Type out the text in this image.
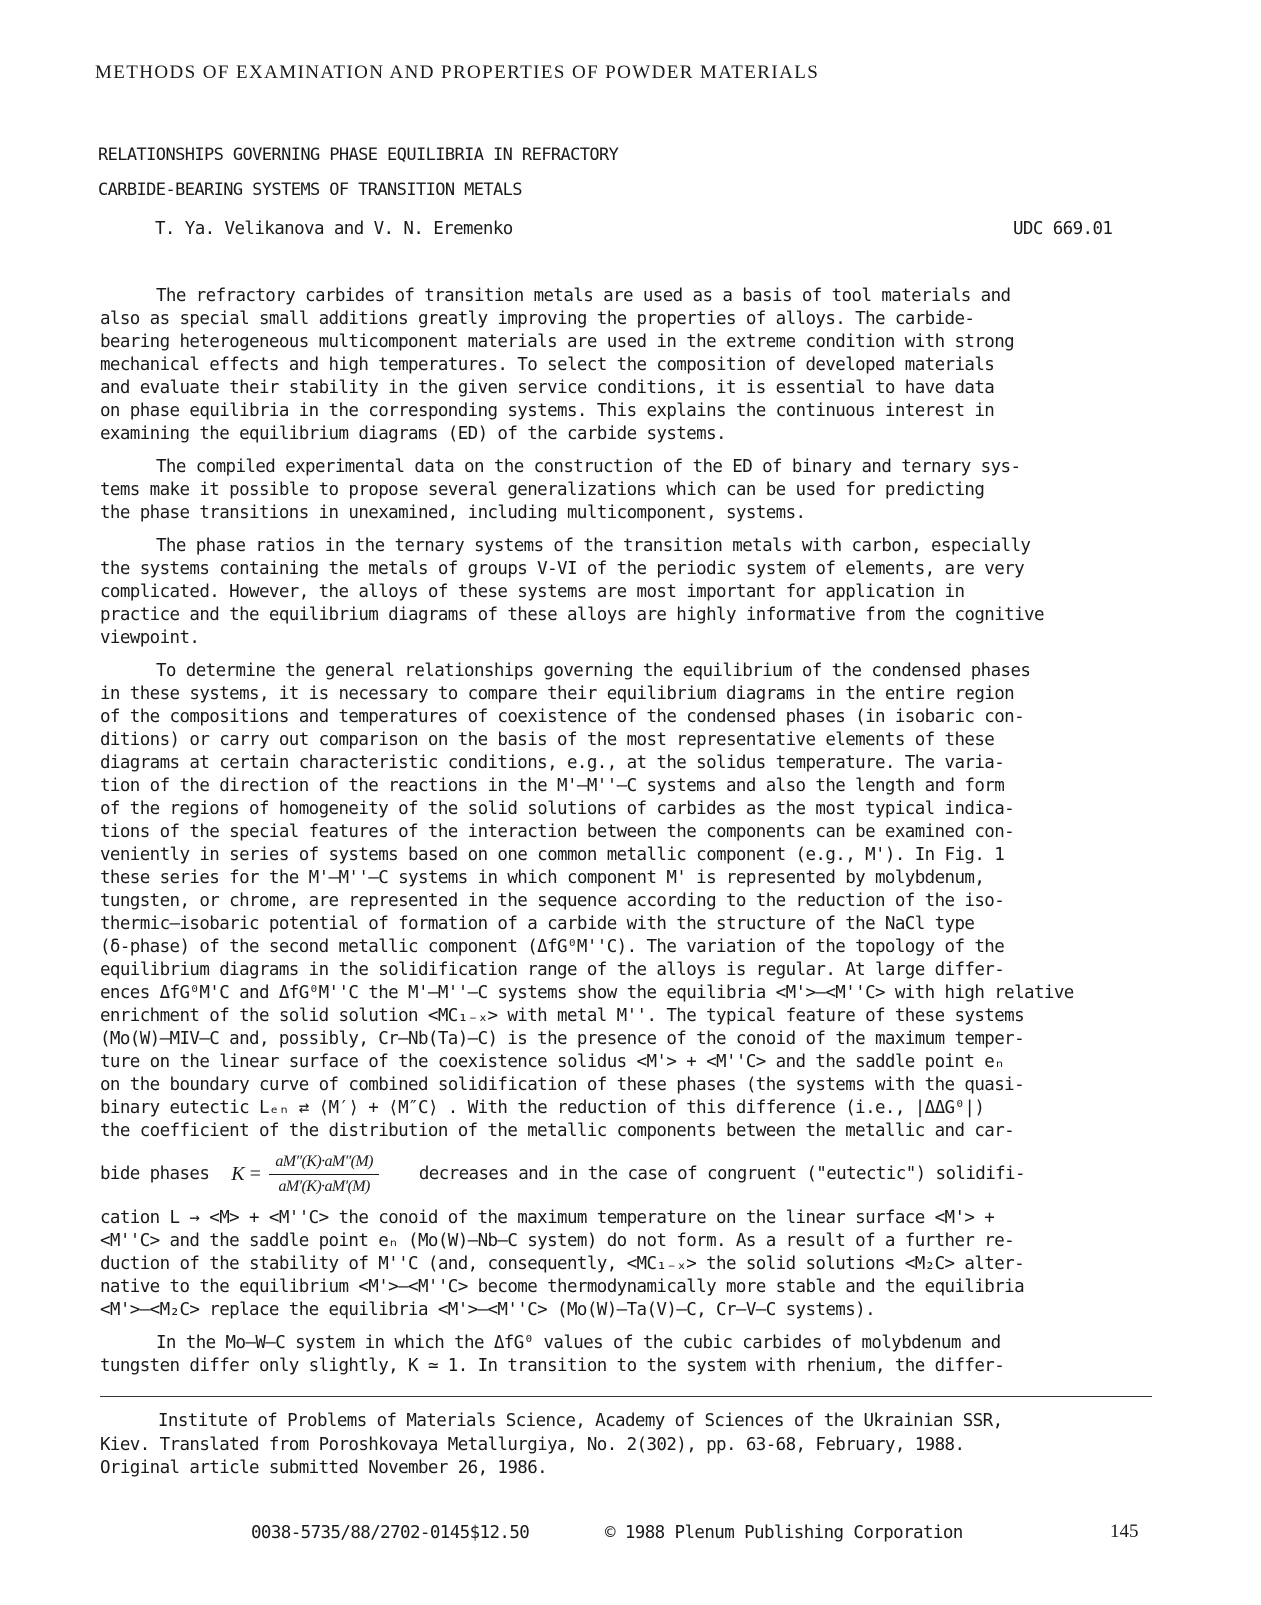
METHODS OF EXAMINATION AND PROPERTIES OF POWDER MATERIALS
RELATIONSHIPS GOVERNING PHASE EQUILIBRIA IN REFRACTORY
CARBIDE-BEARING SYSTEMS OF TRANSITION METALS
T. Ya. Velikanova and V. N. Eremenko	UDC 669.01

The refractory carbides of transition metals are used as a basis of tool materials and
also as special small additions greatly improving the properties of alloys. The carbide-
bearing heterogeneous multicomponent materials are used in the extreme condition with strong
mechanical effects and high temperatures. To select the composition of developed materials
and evaluate their stability in the given service conditions, it is essential to have data
on phase equilibria in the corresponding systems. This explains the continuous interest in
examining the equilibrium diagrams (ED) of the carbide systems.

The compiled experimental data on the construction of the ED of binary and ternary sys-
tems make it possible to propose several generalizations which can be used for predicting
the phase transitions in unexamined, including multicomponent, systems.

The phase ratios in the ternary systems of the transition metals with carbon, especially
the systems containing the metals of groups V-VI of the periodic system of elements, are very
complicated. However, the alloys of these systems are most important for application in
practice and the equilibrium diagrams of these alloys are highly informative from the cognitive
viewpoint.

To determine the general relationships governing the equilibrium of the condensed phases
in these systems, it is necessary to compare their equilibrium diagrams in the entire region
of the compositions and temperatures of coexistence of the condensed phases (in isobaric con-
ditions) or carry out comparison on the basis of the most representative elements of these
diagrams at certain characteristic conditions, e.g., at the solidus temperature. The varia-
tion of the direction of the reactions in the M'—M''—C systems and also the length and form
of the regions of homogeneity of the solid solutions of carbides as the most typical indica-
tions of the special features of the interaction between the components can be examined con-
veniently in series of systems based on one common metallic component (e.g., M'). In Fig. 1
these series for the M'—M''—C systems in which component M' is represented by molybdenum,
tungsten, or chrome, are represented in the sequence according to the reduction of the iso-
thermic—isobaric potential of formation of a carbide with the structure of the NaCl type
(δ-phase) of the second metallic component (ΔfG⁰M''C). The variation of the topology of the
equilibrium diagrams in the solidification range of the alloys is regular. At large differ-
ences ΔfG⁰M'C and ΔfG⁰M''C the M'—M''—C systems show the equilibria <M'>—<M''C> with high relative
enrichment of the solid solution <MC₁₋ₓ> with metal M''. The typical feature of these systems
(Mo(W)—MIV—C and, possibly, Cr—Nb(Ta)—C) is the presence of the conoid of the maximum temper-
ture on the linear surface of the coexistence solidus <M'> + <M''C> and the saddle point eₙ
on the boundary curve of combined solidification of these phases (the systems with the quasi-
binary eutectic Lₑₙ ⇄ ⟨M′⟩ + ⟨M″C⟩ . With the reduction of this difference (i.e., |ΔΔG⁰|)
the coefficient of the distribution of the metallic components between the metallic and car-

bide phases $K = \frac{aM''(K)\cdot aM''(M)}{aM'(K)\cdot aM'(M)}$ decreases and in the case of congruent ("eutectic") solidifi-

cation L → <M> + <M''C> the conoid of the maximum temperature on the linear surface <M'> +
<M''C> and the saddle point eₙ (Mo(W)—Nb—C system) do not form. As a result of a further re-
duction of the stability of M''C (and, consequently, <MC₁₋ₓ> the solid solutions <M₂C> alter-
native to the equilibrium <M'>—<M''C> become thermodynamically more stable and the equilibria
<M'>—<M₂C> replace the equilibria <M'>—<M''C> (Mo(W)—Ta(V)—C, Cr—V—C systems).

In the Mo—W—C system in which the ΔfG⁰ values of the cubic carbides of molybdenum and
tungsten differ only slightly, K ≃ 1. In transition to the system with rhenium, the differ-

Institute of Problems of Materials Science, Academy of Sciences of the Ukrainian SSR,
Kiev. Translated from Poroshkovaya Metallurgiya, No. 2(302), pp. 63-68, February, 1988.
Original article submitted November 26, 1986.
0038-5735/88/2702-0145$12.50	© 1988 Plenum Publishing Corporation	145
